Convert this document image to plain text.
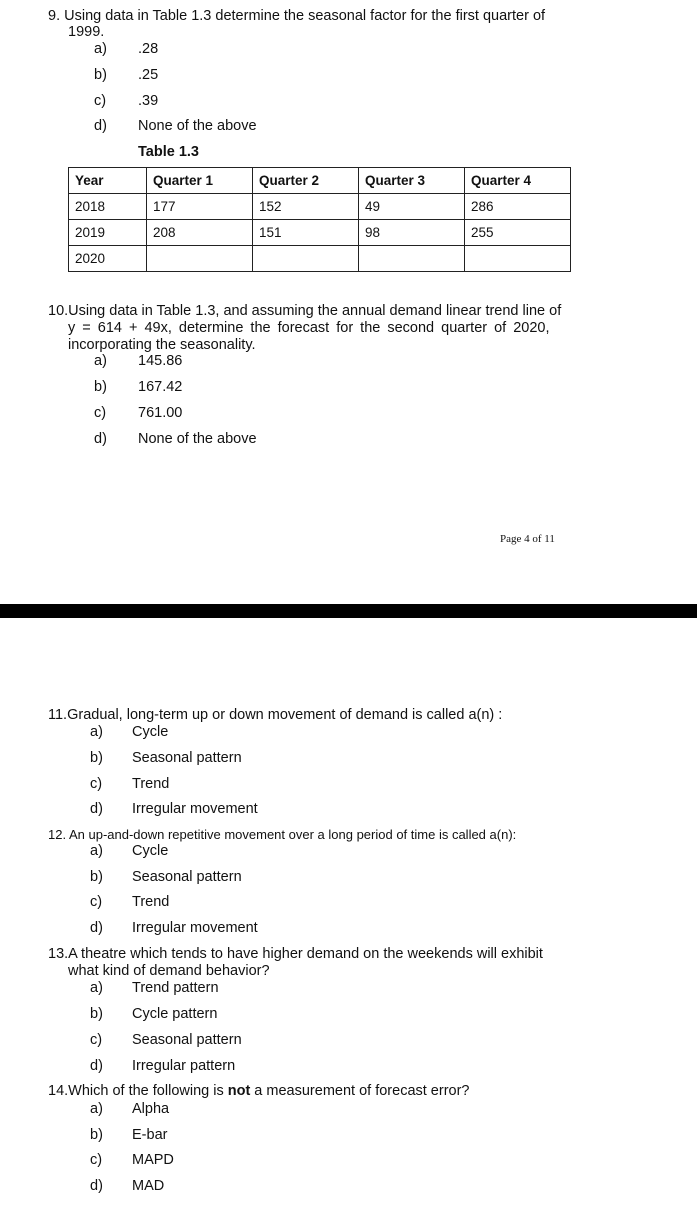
9. Using data in Table 1.3 determine the seasonal factor for the first quarter of
1999.
a) .28
b) .25
c) .39
d) None of the above
Table 1.3
Year	Quarter 1	Quarter 2	Quarter 3	Quarter 4
2018	177	152	49	286
2019	208	151	98	255
2020				
10.Using data in Table 1.3, and assuming the annual demand linear trend line of
y = 614 + 49x, determine the forecast for the second quarter of 2020,
incorporating the seasonality.
a) 145.86
b) 167.42
c) 761.00
d) None of the above
Page 4 of 11
11.Gradual, long-term up or down movement of demand is called a(n) :
a) Cycle
b) Seasonal pattern
c) Trend
d) Irregular movement
12. An up-and-down repetitive movement over a long period of time is called a(n):
a) Cycle
b) Seasonal pattern
c) Trend
d) Irregular movement
13.A theatre which tends to have higher demand on the weekends will exhibit
what kind of demand behavior?
a) Trend pattern
b) Cycle pattern
c) Seasonal pattern
d) Irregular pattern
14.Which of the following is not a measurement of forecast error?
a) Alpha
b) E-bar
c) MAPD
d) MAD
